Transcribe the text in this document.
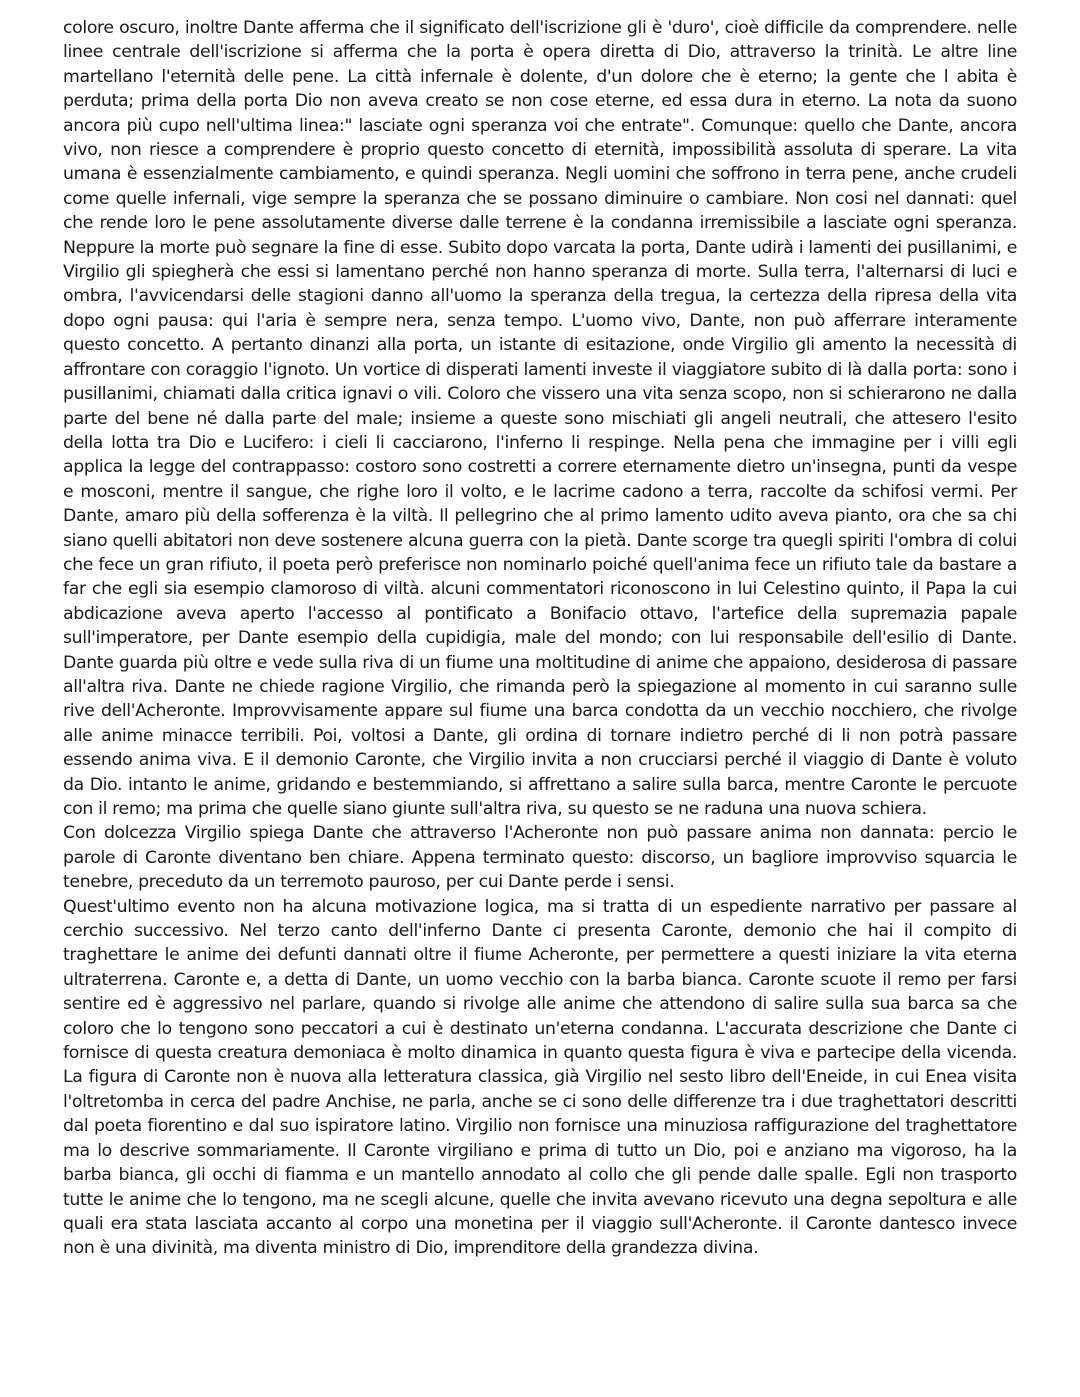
colore oscuro, inoltre Dante afferma che il significato dell'iscrizione gli è 'duro', cioè difficile da comprendere. nelle linee centrale dell'iscrizione si afferma che la porta è opera diretta di Dio, attraverso la trinità. Le altre line martellano l'eternità delle pene. La città infernale è dolente, d'un dolore che è eterno; la gente che l abita è perduta; prima della porta Dio non aveva creato se non cose eterne, ed essa dura in eterno. La nota da suono ancora più cupo nell'ultima linea:" lasciate ogni speranza voi che entrate". Comunque: quello che Dante, ancora vivo, non riesce a comprendere è proprio questo concetto di eternità, impossibilità assoluta di sperare. La vita umana è essenzialmente cambiamento, e quindi speranza. Negli uomini che soffrono in terra pene, anche crudeli come quelle infernali, vige sempre la speranza che se possano diminuire o cambiare. Non cosi nel dannati: quel che rende loro le pene assolutamente diverse dalle terrene è la condanna irremissibile a lasciate ogni speranza. Neppure la morte può segnare la fine di esse. Subito dopo varcata la porta, Dante udirà i lamenti dei pusillanimi, e Virgilio gli spiegherà che essi si lamentano perché non hanno speranza di morte. Sulla terra, l'alternarsi di luci e ombra, l'avvicendarsi delle stagioni danno all'uomo la speranza della tregua, la certezza della ripresa della vita dopo ogni pausa: qui l'aria è sempre nera, senza tempo. L'uomo vivo, Dante, non può afferrare interamente questo concetto. A pertanto dinanzi alla porta, un istante di esitazione, onde Virgilio gli amento la necessità di affrontare con coraggio l'ignoto. Un vortice di disperati lamenti investe il viaggiatore subito di là dalla porta: sono i pusillanimi, chiamati dalla critica ignavi o vili. Coloro che vissero una vita senza scopo, non si schierarono ne dalla parte del bene né dalla parte del male; insieme a queste sono mischiati gli angeli neutrali, che attesero l'esito della lotta tra Dio e Lucifero: i cieli li cacciarono, l'inferno li respinge. Nella pena che immagine per i villi egli applica la legge del contrappasso: costoro sono costretti a correre eternamente dietro un'insegna, punti da vespe e mosconi, mentre il sangue, che righe loro il volto, e le lacrime cadono a terra, raccolte da schifosi vermi. Per Dante, amaro più della sofferenza è la viltà. Il pellegrino che al primo lamento udito aveva pianto, ora che sa chi siano quelli abitatori non deve sostenere alcuna guerra con la pietà. Dante scorge tra quegli spiriti l'ombra di colui che fece un gran rifiuto, il poeta però preferisce non nominarlo poiché quell'anima fece un rifiuto tale da bastare a far che egli sia esempio clamoroso di viltà. alcuni commentatori riconoscono in lui Celestino quinto, il Papa la cui abdicazione aveva aperto l'accesso al pontificato a Bonifacio ottavo, l'artefice della supremazia papale sull'imperatore, per Dante esempio della cupidigia, male del mondo; con lui responsabile dell'esilio di Dante. Dante guarda più oltre e vede sulla riva di un fiume una moltitudine di anime che appaiono, desiderosa di passare all'altra riva. Dante ne chiede ragione Virgilio, che rimanda però la spiegazione al momento in cui saranno sulle rive dell'Acheronte. Improvvisamente appare sul fiume una barca condotta da un vecchio nocchiero, che rivolge alle anime minacce terribili. Poi, voltosi a Dante, gli ordina di tornare indietro perché di li non potrà passare essendo anima viva. E il demonio Caronte, che Virgilio invita a non crucciarsi perché il viaggio di Dante è voluto da Dio. intanto le anime, gridando e bestemmiando, si affrettano a salire sulla barca, mentre Caronte le percuote con il remo; ma prima che quelle siano giunte sull'altra riva, su questo se ne raduna una nuova schiera.

Con dolcezza Virgilio spiega Dante che attraverso l'Acheronte non può passare anima non dannata: percio le parole di Caronte diventano ben chiare. Appena terminato questo: discorso, un bagliore improvviso squarcia le tenebre, preceduto da un terremoto pauroso, per cui Dante perde i sensi.

Quest'ultimo evento non ha alcuna motivazione logica, ma si tratta di un espediente narrativo per passare al cerchio successivo. Nel terzo canto dell'inferno Dante ci presenta Caronte, demonio che hai il compito di traghettare le anime dei defunti dannati oltre il fiume Acheronte, per permettere a questi iniziare la vita eterna ultraterrena. Caronte e, a detta di Dante, un uomo vecchio con la barba bianca. Caronte scuote il remo per farsi sentire ed è aggressivo nel parlare, quando si rivolge alle anime che attendono di salire sulla sua barca sa che coloro che lo tengono sono peccatori a cui è destinato un'eterna condanna. L'accurata descrizione che Dante ci fornisce di questa creatura demoniaca è molto dinamica in quanto questa figura è viva e partecipe della vicenda. La figura di Caronte non è nuova alla letteratura classica, già Virgilio nel sesto libro dell'Eneide, in cui Enea visita l'oltretomba in cerca del padre Anchise, ne parla, anche se ci sono delle differenze tra i due traghettatori descritti dal poeta fiorentino e dal suo ispiratore latino. Virgilio non fornisce una minuziosa raffigurazione del traghettatore ma lo descrive sommariamente. Il Caronte virgiliano e prima di tutto un Dio, poi e anziano ma vigoroso, ha la barba bianca, gli occhi di fiamma e un mantello annodato al collo che gli pende dalle spalle. Egli non trasporto tutte le anime che lo tengono, ma ne scegli alcune, quelle che invita avevano ricevuto una degna sepoltura e alle quali era stata lasciata accanto al corpo una monetina per il viaggio sull'Acheronte. il Caronte dantesco invece non è una divinità, ma diventa ministro di Dio, imprenditore della grandezza divina.
